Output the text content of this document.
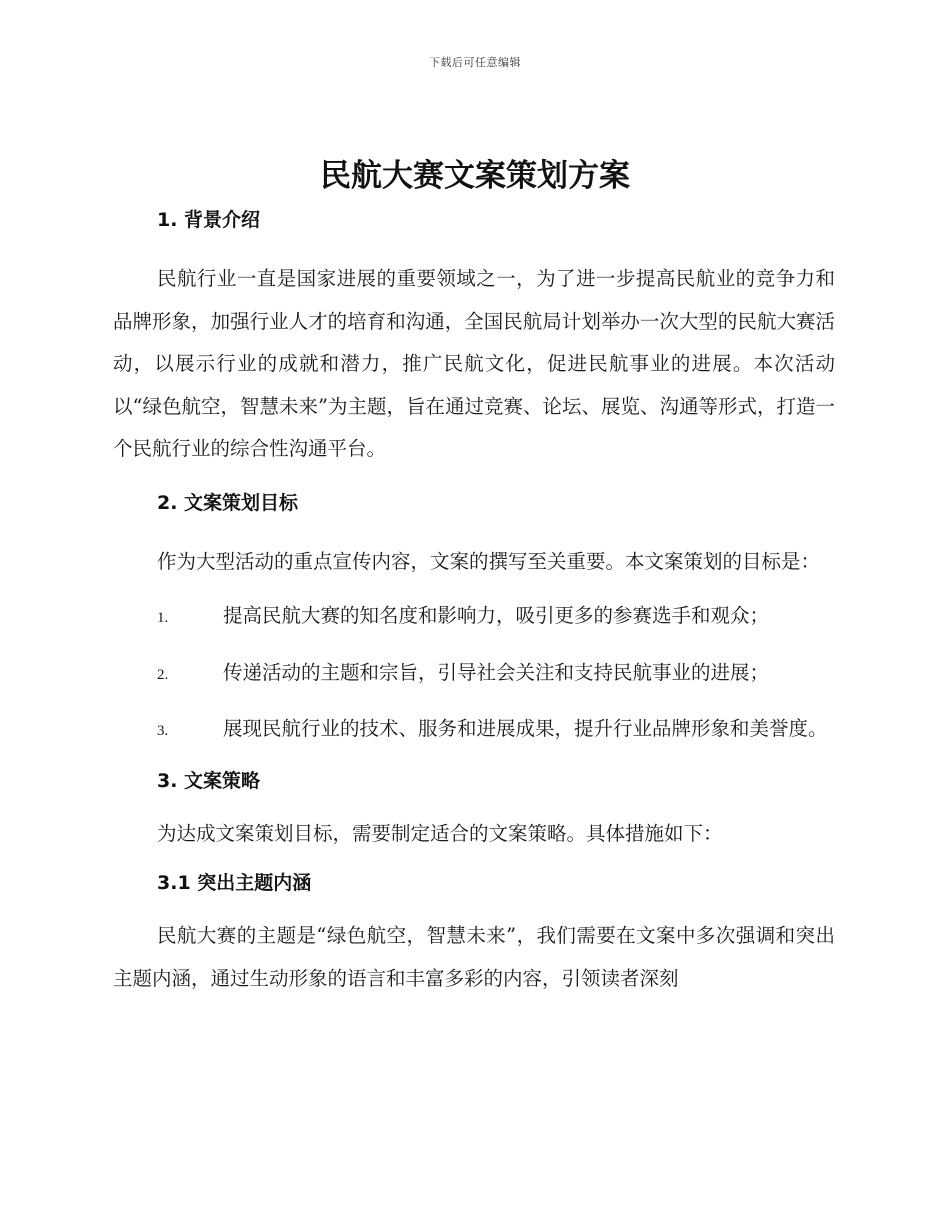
下载后可任意编辑
民航大赛文案策划方案
1. 背景介绍

民航行业一直是国家进展的重要领域之一，为了进一步提高民航业的竞争力和品牌形象，加强行业人才的培育和沟通，全国民航局计划举办一次大型的民航大赛活动，以展示行业的成就和潜力，推广民航文化，促进民航事业的进展。本次活动以“绿色航空，智慧未来”为主题，旨在通过竞赛、论坛、展览、沟通等形式，打造一个民航行业的综合性沟通平台。

2. 文案策划目标

作为大型活动的重点宣传内容，文案的撰写至关重要。本文案策划的目标是：

1.	提高民航大赛的知名度和影响力，吸引更多的参赛选手和观众；

2.	传递活动的主题和宗旨，引导社会关注和支持民航事业的进展；

3.	展现民航行业的技术、服务和进展成果，提升行业品牌形象和美誉度。

3. 文案策略

为达成文案策划目标，需要制定适合的文案策略。具体措施如下：

3.1 突出主题内涵

民航大赛的主题是“绿色航空，智慧未来”，我们需要在文案中多次强调和突出主题内涵，通过生动形象的语言和丰富多彩的内容，引领读者深刻
